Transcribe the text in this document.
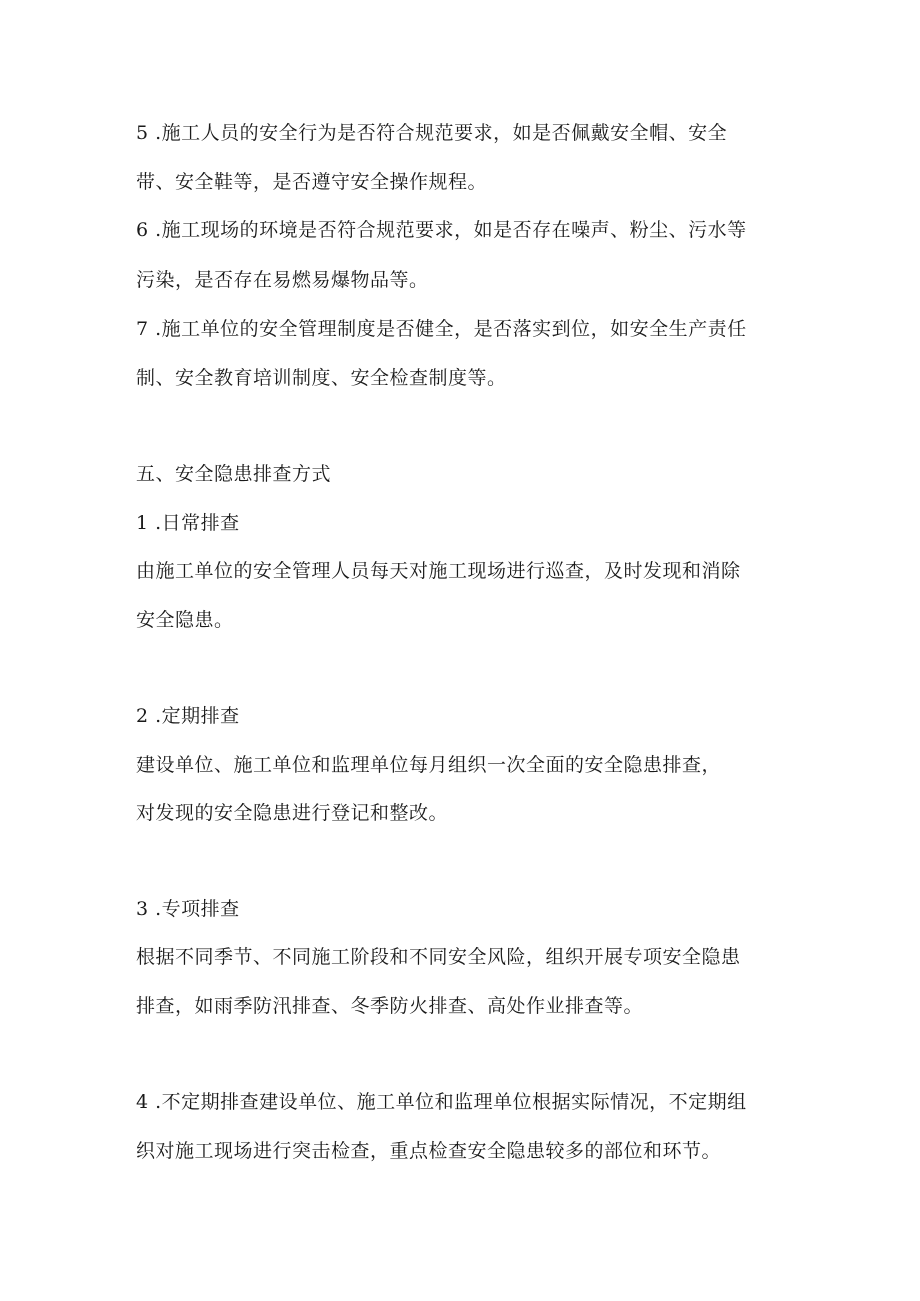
5 .施工人员的安全行为是否符合规范要求，如是否佩戴安全帽、安全
带、安全鞋等，是否遵守安全操作规程。
6 .施工现场的环境是否符合规范要求，如是否存在噪声、粉尘、污水等
污染，是否存在易燃易爆物品等。
7 .施工单位的安全管理制度是否健全，是否落实到位，如安全生产责任
制、安全教育培训制度、安全检查制度等。
五、安全隐患排查方式
1 .日常排查
由施工单位的安全管理人员每天对施工现场进行巡查，及时发现和消除
安全隐患。
2 .定期排查
建设单位、施工单位和监理单位每月组织一次全面的安全隐患排查，
对发现的安全隐患进行登记和整改。
3 .专项排查
根据不同季节、不同施工阶段和不同安全风险，组织开展专项安全隐患
排查，如雨季防汛排查、冬季防火排查、高处作业排查等。
4 .不定期排查建设单位、施工单位和监理单位根据实际情况，不定期组
织对施工现场进行突击检查，重点检查安全隐患较多的部位和环节。
